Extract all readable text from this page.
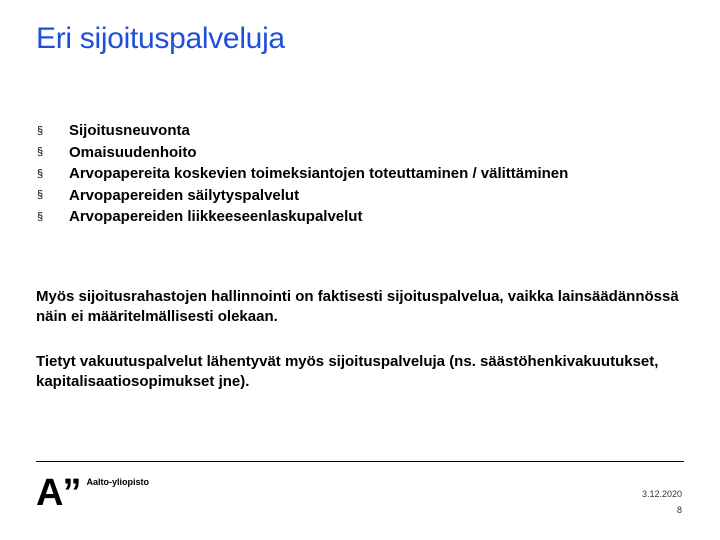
Eri sijoituspalveluja
§	Sijoitusneuvonta
§	Omaisuudenhoito
§	Arvopapereita koskevien toimeksiantojen toteuttaminen / välittäminen
§	Arvopapereiden säilytyspalvelut
§	Arvopapereiden liikkeeseenlaskupalvelut
Myös sijoitusrahastojen hallinnointi on faktisesti sijoituspalvelua, vaikka lainsäädännössä näin ei määritelmällisesti olekaan.
Tietyt vakuutuspalvelut lähentyvät myös sijoituspalveluja (ns. säästöhenkivakuutukset, kapitalisaatiosopimukset jne).
A” Aalto-yliopisto
3.12.2020
8
